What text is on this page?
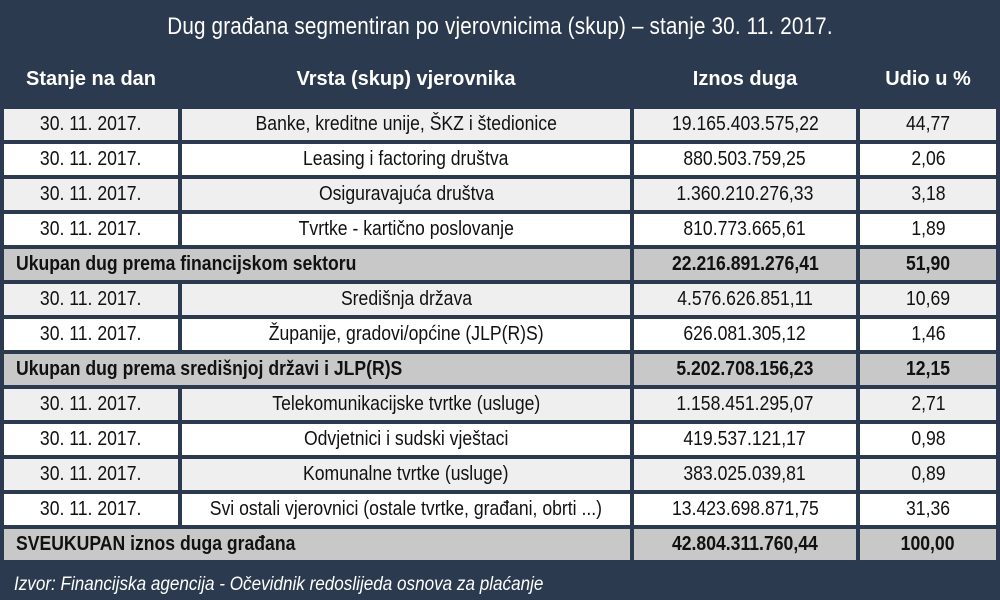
Dug građana segmentiran po vjerovnicima (skup) – stanje 30. 11. 2017.
Stanje na dan	Vrsta (skup) vjerovnika	Iznos duga	Udio u %
30. 11. 2017.	Banke, kreditne unije, ŠKZ i štedionice	19.165.403.575,22	44,77
30. 11. 2017.	Leasing i factoring društva	880.503.759,25	2,06
30. 11. 2017.	Osiguravajuća društva	1.360.210.276,33	3,18
30. 11. 2017.	Tvrtke - kartično poslovanje	810.773.665,61	1,89
Ukupan dug prema financijskom sektoru		22.216.891.276,41	51,90
30. 11. 2017.	Središnja država	4.576.626.851,11	10,69
30. 11. 2017.	Županije, gradovi/općine (JLP(R)S)	626.081.305,12	1,46
Ukupan dug prema središnjoj državi i JLP(R)S		5.202.708.156,23	12,15
30. 11. 2017.	Telekomunikacijske tvrtke (usluge)	1.158.451.295,07	2,71
30. 11. 2017.	Odvjetnici i sudski vještaci	419.537.121,17	0,98
30. 11. 2017.	Komunalne tvrtke (usluge)	383.025.039,81	0,89
30. 11. 2017.	Svi ostali vjerovnici (ostale tvrtke, građani, obrti ...)	13.423.698.871,75	31,36
SVEUKUPAN iznos duga građana		42.804.311.760,44	100,00
Izvor: Financijska agencija - Očevidnik redoslijeda osnova za plaćanje
